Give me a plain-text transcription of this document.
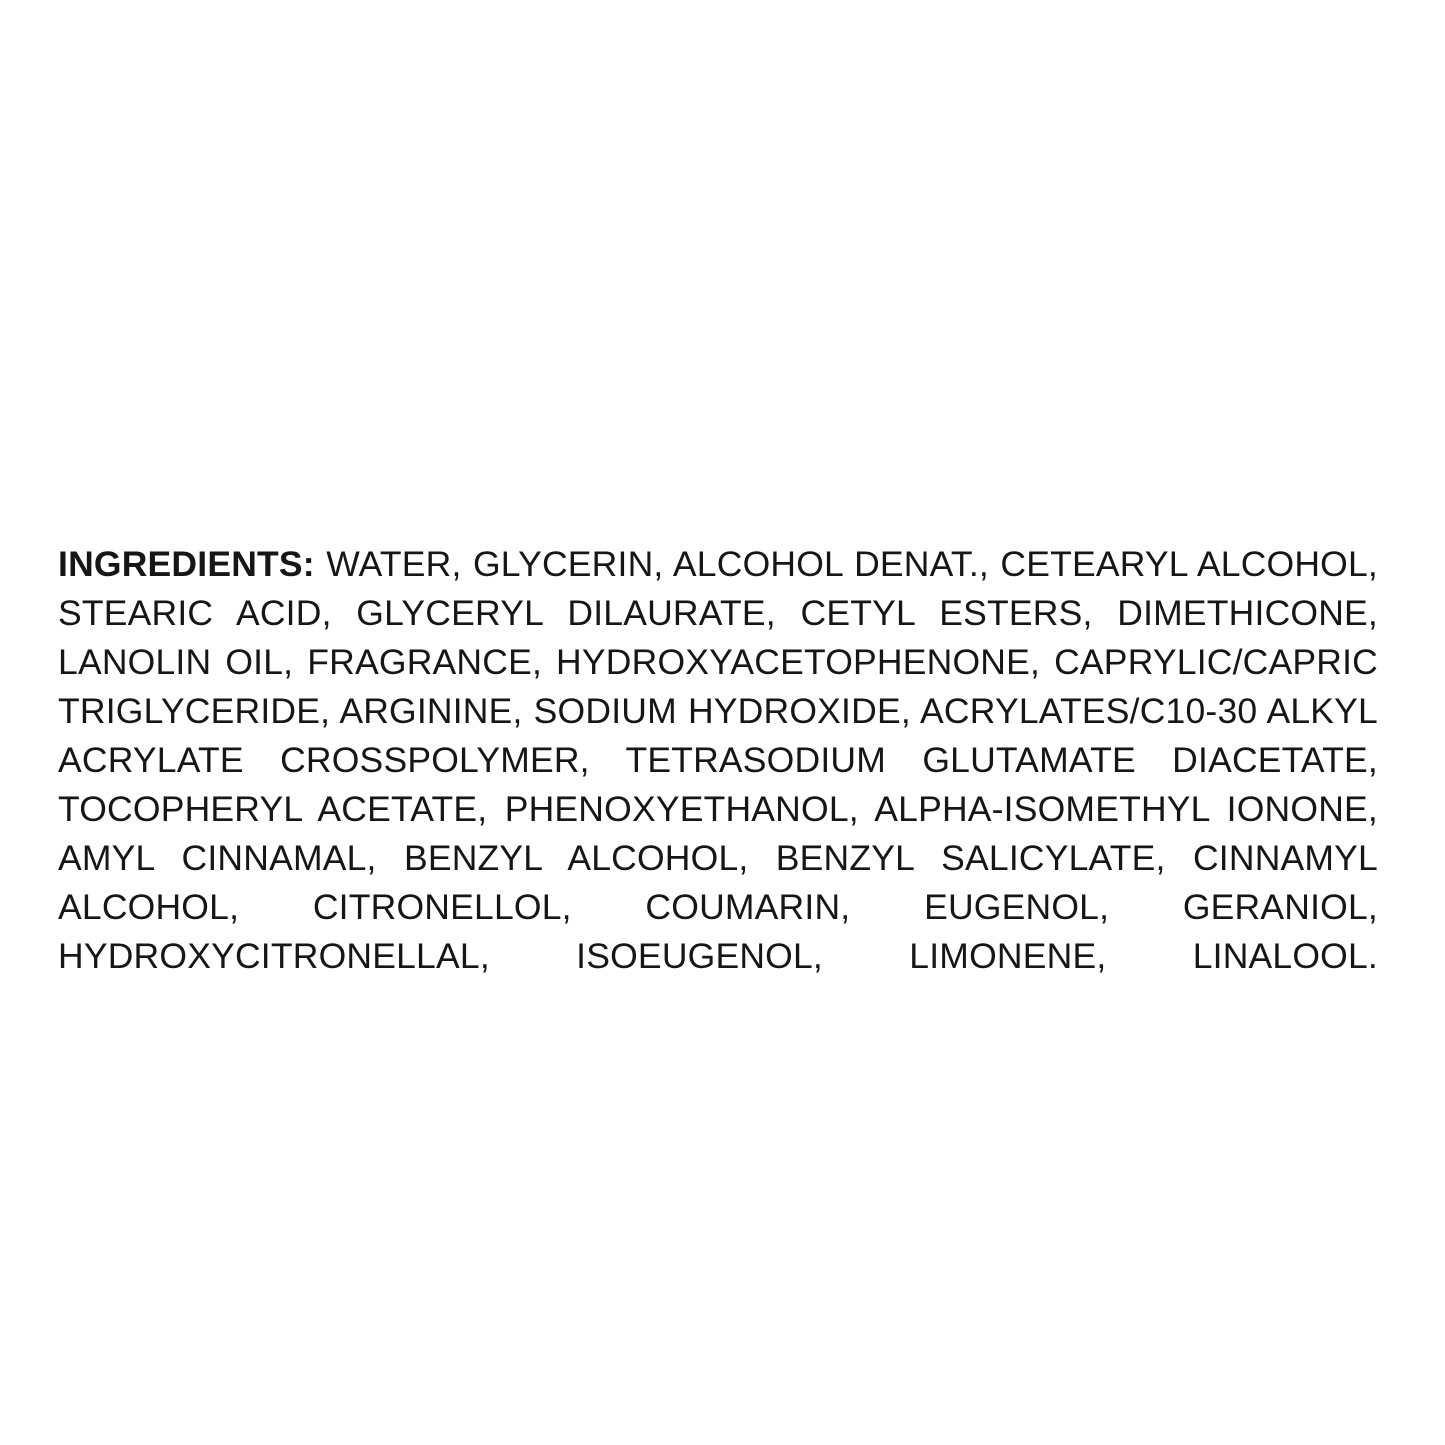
INGREDIENTS: WATER, GLYCERIN, ALCOHOL DENAT., CETEARYL ALCOHOL, STEARIC ACID, GLYCERYL DILAURATE, CETYL ESTERS, DIMETHICONE, LANOLIN OIL, FRAGRANCE, HYDROXYACETOPHENONE, CAPRYLIC/CAPRIC TRIGLYCERIDE, ARGININE, SODIUM HYDROXIDE, ACRYLATES/C10-30 ALKYL ACRYLATE CROSSPOLYMER, TETRASODIUM GLUTAMATE DIACETATE, TOCOPHERYL ACETATE, PHENOXYETHANOL, ALPHA-ISOMETHYL IONONE, AMYL CINNAMAL, BENZYL ALCOHOL, BENZYL SALICYLATE, CINNAMYL ALCOHOL, CITRONELLOL, COUMARIN, EUGENOL, GERANIOL, HYDROXYCITRONELLAL, ISOEUGENOL, LIMONENE, LINALOOL.
